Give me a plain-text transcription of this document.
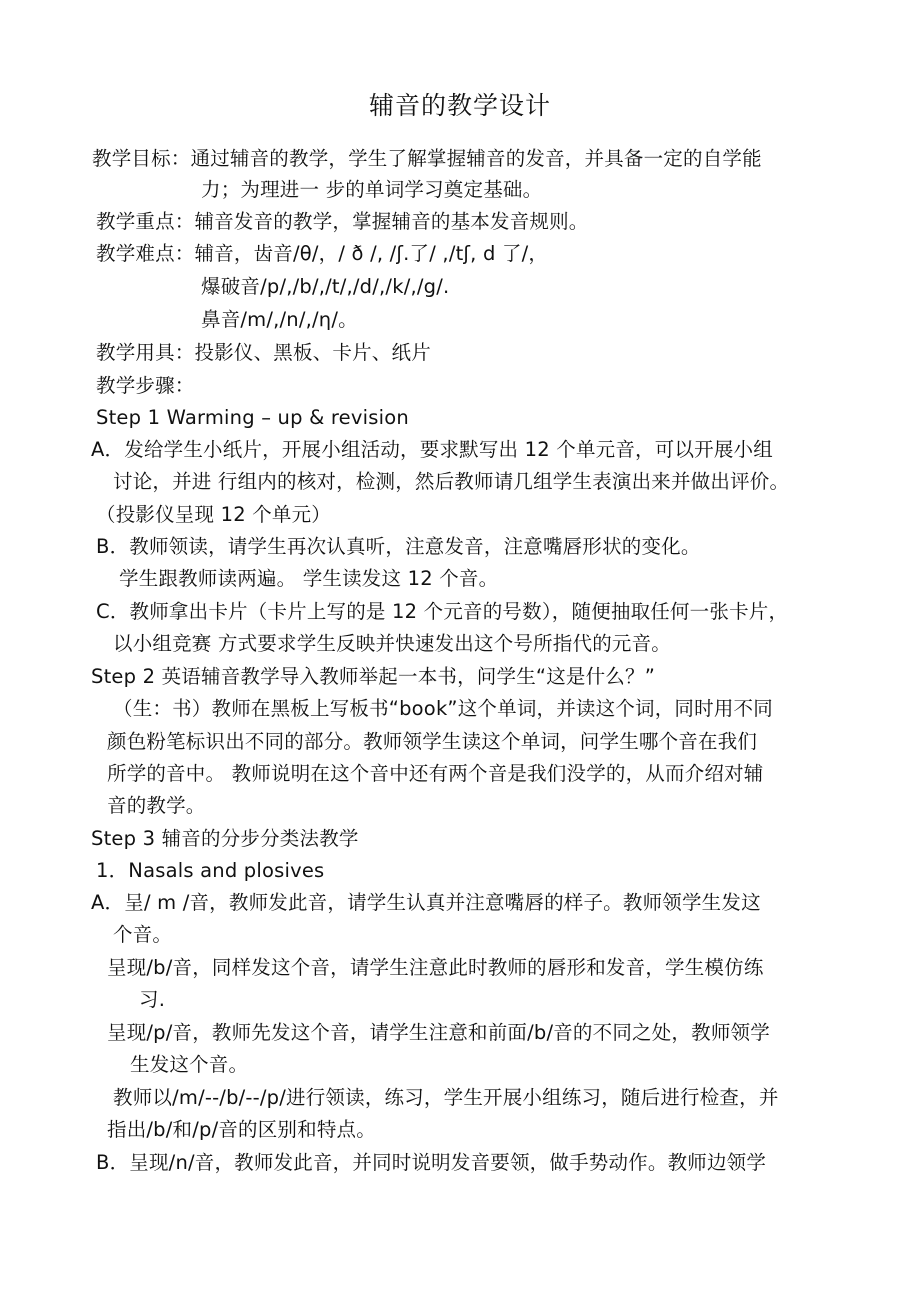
辅音的教学设计
教学目标：通过辅音的教学，学生了解掌握辅音的发音，并具备一定的自学能
力；为理进一 步的单词学习奠定基础。
教学重点：辅音发音的教学，掌握辅音的基本发音规则。
教学难点：辅音，齿音/θ/，/ ð /, /ʃ.了/ ,/tʃ, d 了/，
爆破音/p/,/b/,/t/,/d/,/k/,/g/.
鼻音/m/,/n/,/η/。
教学用具：投影仪、黑板、卡片、纸片
教学步骤：
Step 1 Warming – up & revision
A．发给学生小纸片，开展小组活动，要求默写出 12 个单元音，可以开展小组
讨论，并进 行组内的核对，检测，然后教师请几组学生表演出来并做出评价。
（投影仪呈现 12 个单元）
B．教师领读，请学生再次认真听，注意发音，注意嘴唇形状的变化。
学生跟教师读两遍。 学生读发这 12 个音。
C．教师拿出卡片（卡片上写的是 12 个元音的号数），随便抽取任何一张卡片，
以小组竞赛 方式要求学生反映并快速发出这个号所指代的元音。
Step 2 英语辅音教学导入教师举起一本书，问学生“这是什么？”
（生：书）教师在黑板上写板书“book”这个单词，并读这个词，同时用不同
颜色粉笔标识出不同的部分。教师领学生读这个单词，问学生哪个音在我们
所学的音中。 教师说明在这个音中还有两个音是我们没学的，从而介绍对辅
音的教学。
Step 3 辅音的分步分类法教学
1．Nasals and plosives
A．呈/ m /音，教师发此音，请学生认真并注意嘴唇的样子。教师领学生发这
个音。
呈现/b/音，同样发这个音，请学生注意此时教师的唇形和发音，学生模仿练
习.
呈现/p/音，教师先发这个音，请学生注意和前面/b/音的不同之处，教师领学
生发这个音。
教师以/m/--/b/--/p/进行领读，练习，学生开展小组练习，随后进行检查，并
指出/b/和/p/音的区别和特点。
B．呈现/n/音，教师发此音，并同时说明发音要领，做手势动作。教师边领学
